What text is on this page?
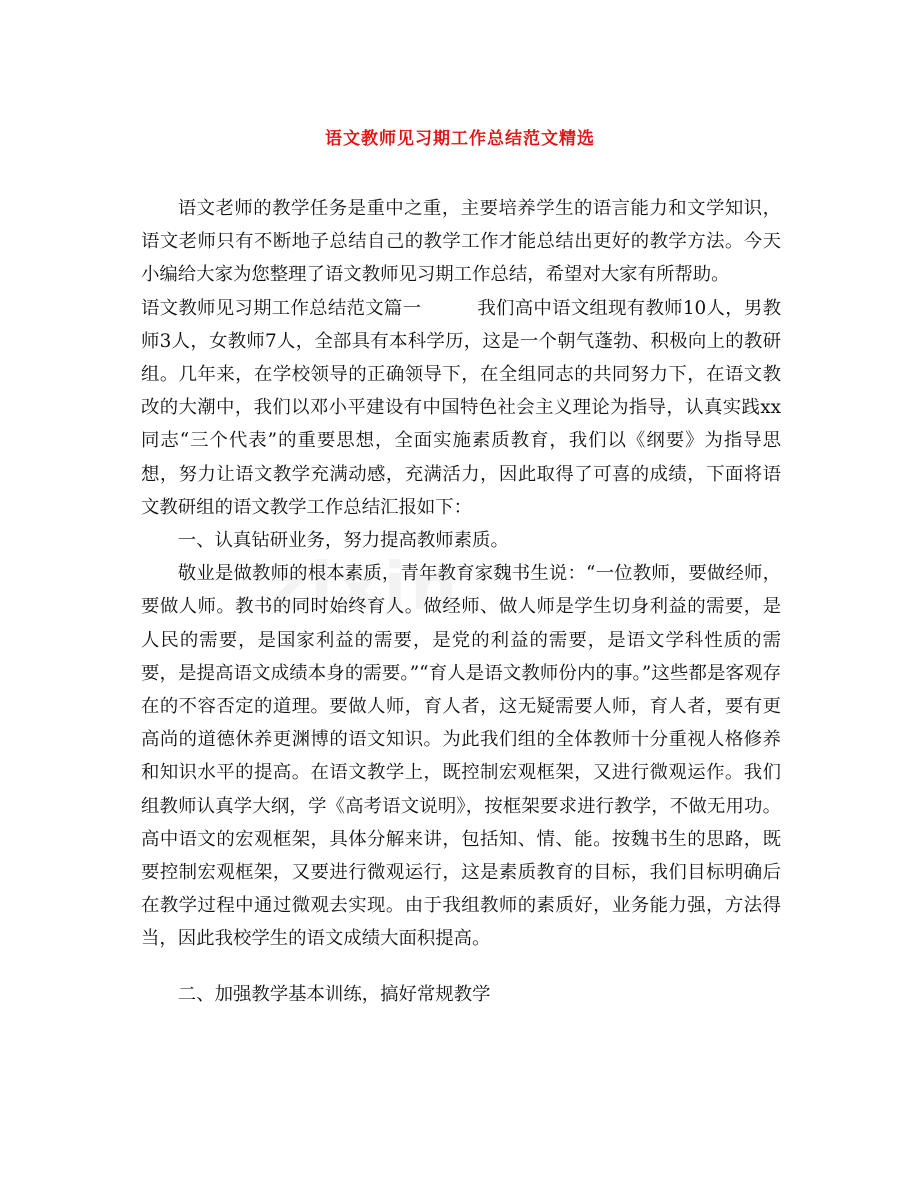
语文教师见习期工作总结范文精选

语文老师的教学任务是重中之重，主要培养学生的语言能力和文学知识，语文老师只有不断地子总结自己的教学工作才能总结出更好的教学方法。今天小编给大家为您整理了语文教师见习期工作总结，希望对大家有所帮助。

语文教师见习期工作总结范文篇一　　　我们高中语文组现有教师10人，男教师3人，女教师7人，全部具有本科学历，这是一个朝气蓬勃、积极向上的教研组。几年来，在学校领导的正确领导下，在全组同志的共同努力下，在语文教改的大潮中，我们以邓小平建设有中国特色社会主义理论为指导，认真实践xx同志“三个代表”的重要思想，全面实施素质教育，我们以《纲要》为指导思想，努力让语文教学充满动感，充满活力，因此取得了可喜的成绩，下面将语文教研组的语文教学工作总结汇报如下：

一、认真钻研业务，努力提高教师素质。

敬业是做教师的根本素质，青年教育家魏书生说：“一位教师，要做经师，要做人师。教书的同时始终育人。做经师、做人师是学生切身利益的需要，是人民的需要，是国家利益的需要，是党的利益的需要，是语文学科性质的需要，是提高语文成绩本身的需要。”“育人是语文教师份内的事。”这些都是客观存在的不容否定的道理。要做人师，育人者，这无疑需要人师，育人者，要有更高尚的道德休养更渊博的语文知识。为此我们组的全体教师十分重视人格修养和知识水平的提高。在语文教学上，既控制宏观框架，又进行微观运作。我们组教师认真学大纲，学《高考语文说明》，按框架要求进行教学，不做无用功。高中语文的宏观框架，具体分解来讲，包括知、情、能。按魏书生的思路，既要控制宏观框架，又要进行微观运行，这是素质教育的目标，我们目标明确后在教学过程中通过微观去实现。由于我组教师的素质好，业务能力强，方法得当，因此我校学生的语文成绩大面积提高。

二、加强教学基本训练，搞好常规教学
